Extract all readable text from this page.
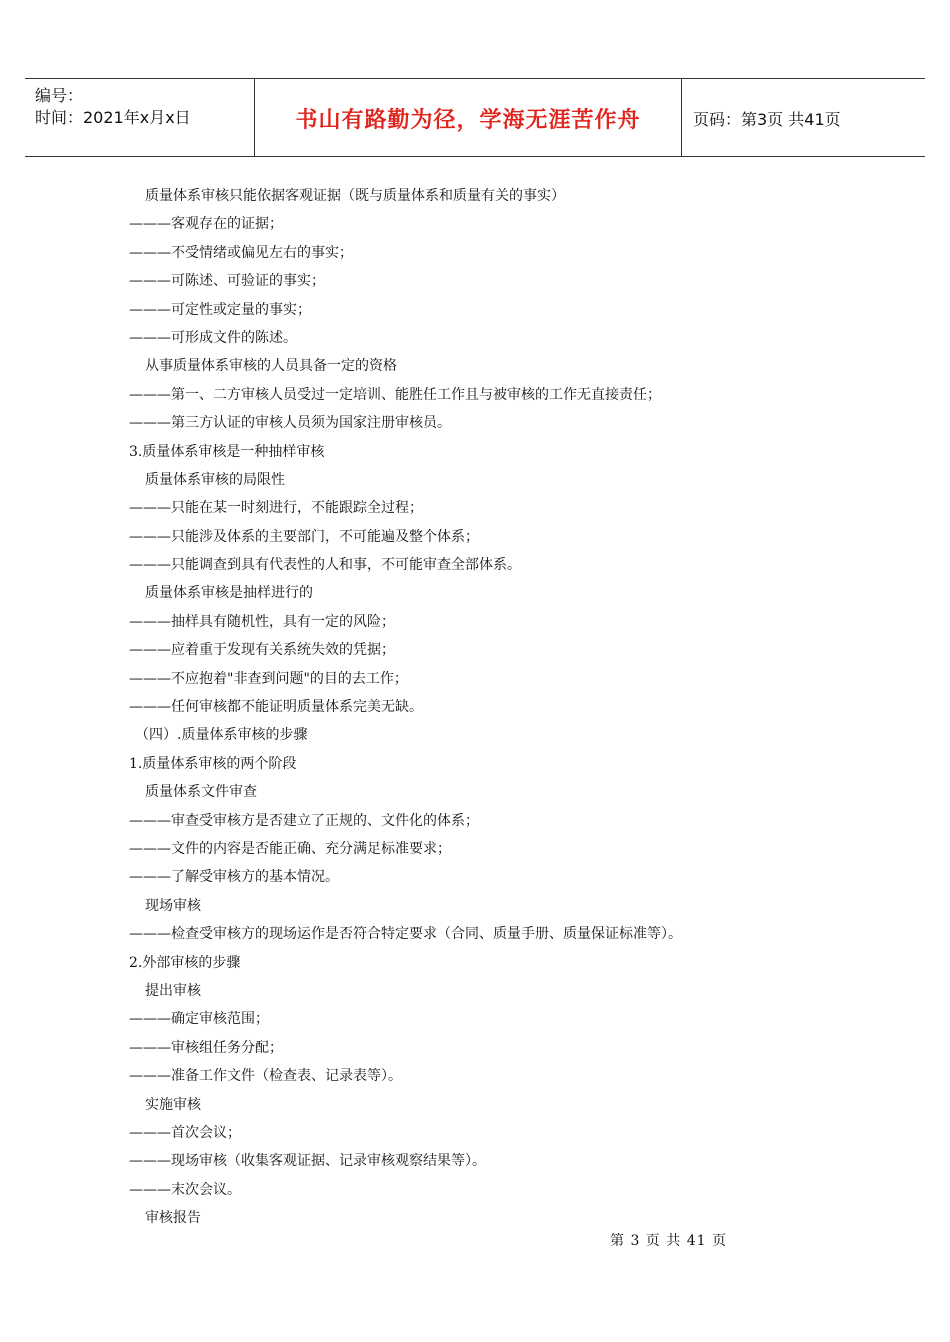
编号：
时间：2021年x月x日	书山有路勤为径，学海无涯苦作舟	页码：第3页 共41页
质量体系审核只能依据客观证据（既与质量体系和质量有关的事实）
———客观存在的证据；
———不受情绪或偏见左右的事实；
———可陈述、可验证的事实；
———可定性或定量的事实；
———可形成文件的陈述。
从事质量体系审核的人员具备一定的资格
———第一、二方审核人员受过一定培训、能胜任工作且与被审核的工作无直接责任；
———第三方认证的审核人员须为国家注册审核员。
3.质量体系审核是一种抽样审核
质量体系审核的局限性
———只能在某一时刻进行，不能跟踪全过程；
———只能涉及体系的主要部门，不可能遍及整个体系；
———只能调查到具有代表性的人和事，不可能审查全部体系。
质量体系审核是抽样进行的
———抽样具有随机性，具有一定的风险；
———应着重于发现有关系统失效的凭据；
———不应抱着"非查到问题"的目的去工作；
———任何审核都不能证明质量体系完美无缺。
（四）.质量体系审核的步骤
1.质量体系审核的两个阶段
质量体系文件审查
———审查受审核方是否建立了正规的、文件化的体系；
———文件的内容是否能正确、充分满足标准要求；
———了解受审核方的基本情况。
现场审核
———检查受审核方的现场运作是否符合特定要求（合同、质量手册、质量保证标准等）。
2.外部审核的步骤
提出审核
———确定审核范围；
———审核组任务分配；
———准备工作文件（检查表、记录表等）。
实施审核
———首次会议；
———现场审核（收集客观证据、记录审核观察结果等）。
———末次会议。
审核报告
第 3 页 共 41 页
